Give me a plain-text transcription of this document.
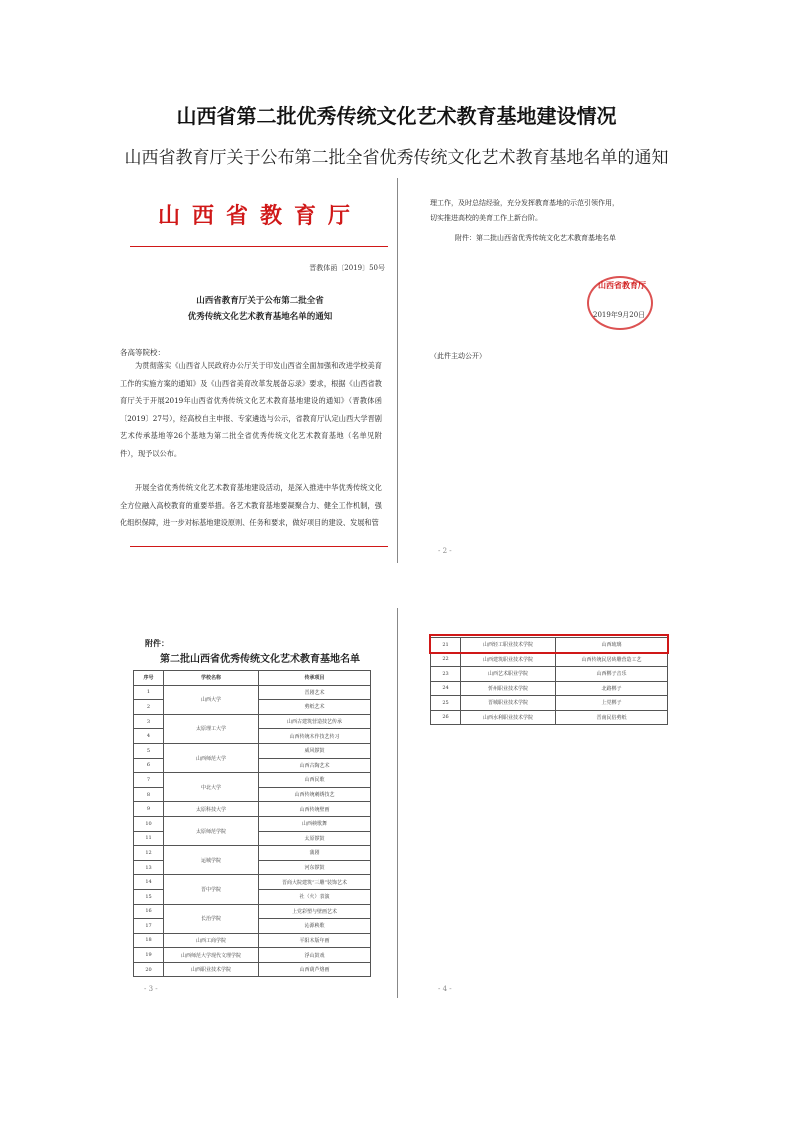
山西省第二批优秀传统文化艺术教育基地建设情况
山西省教育厅关于公布第二批全省优秀传统文化艺术教育基地名单的通知
山西省教育厅
晋教体函〔2019〕50号
山西省教育厅关于公布第二批全省
优秀传统文化艺术教育基地名单的通知
各高等院校：
为贯彻落实《山西省人民政府办公厅关于印发山西省全面加强和改进学校美育工作的实施方案的通知》及《山西省美育改革发展备忘录》要求，根据《山西省教育厅关于开展2019年山西省优秀传统文化艺术教育基地建设的通知》（晋教体函〔2019〕27号），经高校自主申报、专家遴选与公示，省教育厅认定山西大学晋剧艺术传承基地等26个基地为第二批全省优秀传统文化艺术教育基地（名单见附件），现予以公布。
开展全省优秀传统文化艺术教育基地建设活动，是深入推进中华优秀传统文化全方位融入高校教育的重要举措。各艺术教育基地要凝聚合力、健全工作机制，强化组织保障，进一步对标基地建设原则、任务和要求，做好项目的建设、发展和管
理工作，及时总结经验，充分发挥教育基地的示范引领作用，
切实推进高校的美育工作上新台阶。
附件：第二批山西省优秀传统文化艺术教育基地名单
山西省教育厅
2019年9月20日
（此件主动公开）
- 2 -
附件：
第二批山西省优秀传统文化艺术教育基地名单
序号	学校名称	传承项目
1	山西大学	晋剧艺术
2		剪纸艺术
3	太原理工大学	山西古建筑营造技艺传承
4		山西传统木作技艺传习
5	山西师范大学	威风锣鼓
6		山西古陶艺术
7	中北大学	山西民歌
8		山西传统刺绣技艺
9	太原科技大学	山西传统壁画
10	太原师范学院	山西秧歌舞
11		太原锣鼓
12	运城学院	蒲剧
13		河东锣鼓
14	晋中学院	晋商大院建筑“三雕”装饰艺术
15		社（火）表演
16	长治学院	上党彩塑与壁画艺术
17		沁源秧歌
18	山西工商学院	平阳木版年画
19	山西师范大学现代文理学院	浮山鼓戏
20	山西职业技术学院	山西葫芦烙画
- 3 -
21	山西轻工职业技术学院	山西琉璃
22	山西建筑职业技术学院	山西传统民居砖雕营造工艺
23	山西艺术职业学院	山西梆子音乐
24	忻州职业技术学院	北路梆子
25	晋城职业技术学院	上党梆子
26	山西水利职业技术学院	晋南民俗剪纸
- 4 -
